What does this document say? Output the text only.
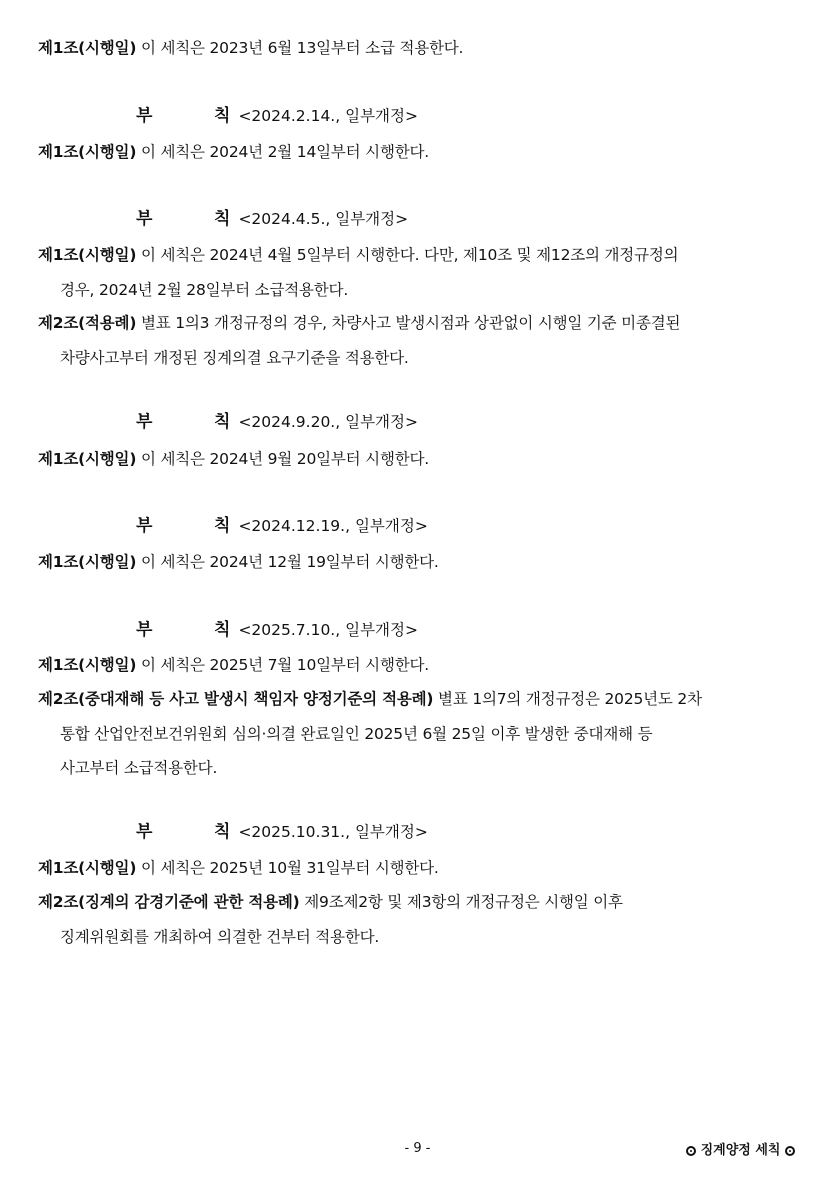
제1조(시행일) 이 세칙은 2023년 6월 13일부터 소급 적용한다.
부	칙 <2024.2.14., 일부개정>
제1조(시행일) 이 세칙은 2024년 2월 14일부터 시행한다.
부	칙 <2024.4.5., 일부개정>
제1조(시행일) 이 세칙은 2024년 4월 5일부터 시행한다. 다만, 제10조 및 제12조의 개정규정의
경우, 2024년 2월 28일부터 소급적용한다.
제2조(적용례) 별표 1의3 개정규정의 경우, 차량사고 발생시점과 상관없이 시행일 기준 미종결된
차량사고부터 개정된 징계의결 요구기준을 적용한다.
부	칙 <2024.9.20., 일부개정>
제1조(시행일) 이 세칙은 2024년 9월 20일부터 시행한다.
부	칙 <2024.12.19., 일부개정>
제1조(시행일) 이 세칙은 2024년 12월 19일부터 시행한다.
부	칙 <2025.7.10., 일부개정>
제1조(시행일) 이 세칙은 2025년 7월 10일부터 시행한다.
제2조(중대재해 등 사고 발생시 책임자 양정기준의 적용례) 별표 1의7의 개정규정은 2025년도 2차
통합 산업안전보건위원회 심의·의결 완료일인 2025년 6월 25일 이후 발생한 중대재해 등
사고부터 소급적용한다.
부	칙 <2025.10.31., 일부개정>
제1조(시행일) 이 세칙은 2025년 10월 31일부터 시행한다.
제2조(징계의 감경기준에 관한 적용례) 제9조제2항 및 제3항의 개정규정은 시행일 이후
징계위원회를 개최하여 의결한 건부터 적용한다.
- 9 -	징계양정 세칙
